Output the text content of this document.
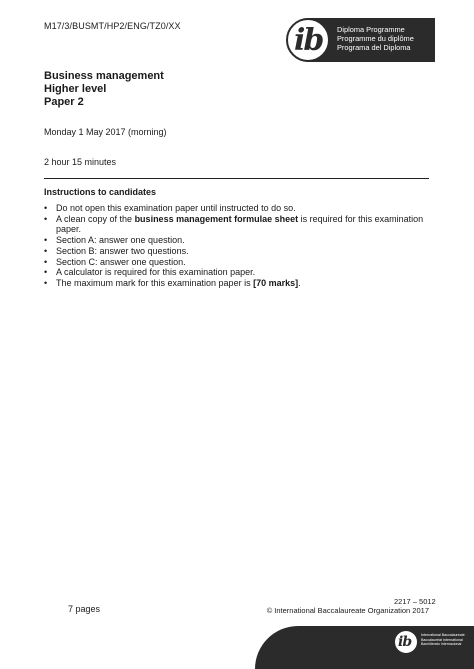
M17/3/BUSMT/HP2/ENG/TZ0/XX	ib Diploma Programme
Programme du diplôme
Programa del Diploma
Business management
Higher level
Paper 2
Monday 1 May 2017 (morning)
2 hour 15 minutes
Instructions to candidates
• Do not open this examination paper until instructed to do so.
• A clean copy of the business management formulae sheet is required for this examination paper.
• Section A: answer one question.
• Section B: answer two questions.
• Section C: answer one question.
• A calculator is required for this examination paper.
• The maximum mark for this examination paper is [70 marks].
2217 – 5012
7 pages	© International Baccalaureate Organization 2017
ib	International Baccalaureate
Baccalauréat International
Bachillerato Internacional
